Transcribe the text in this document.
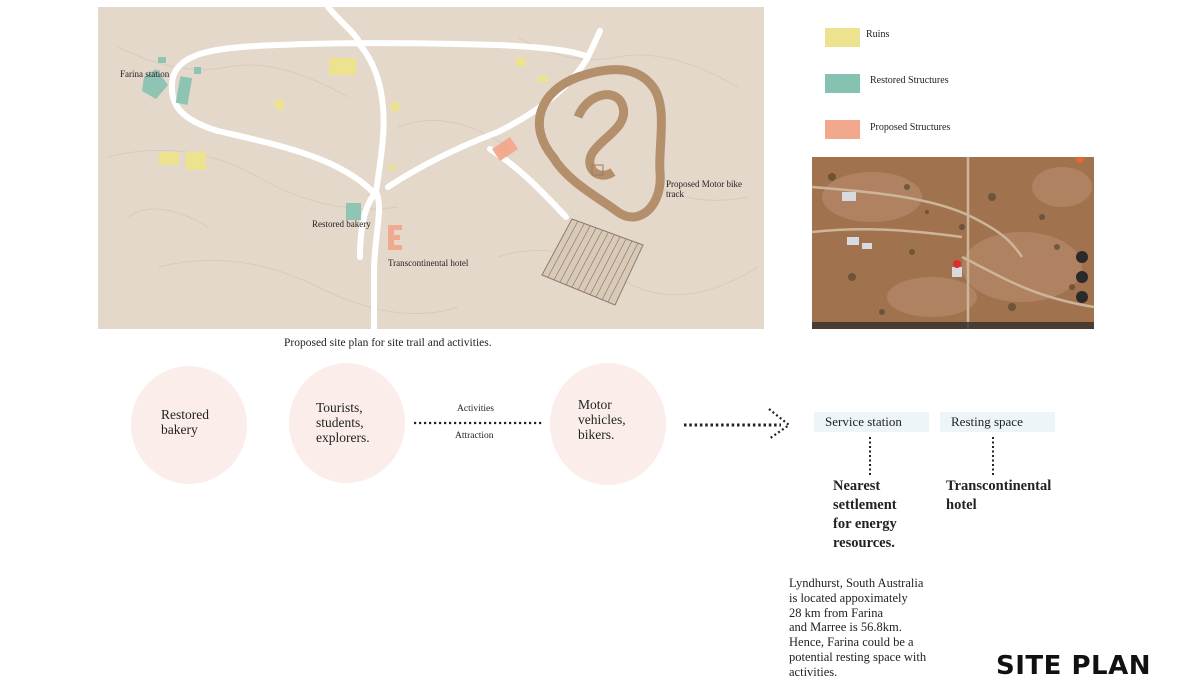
Farina station
Restored bakery
Transcontinental hotel
Proposed Motor bike
track
Proposed site plan for site trail and activities.
Ruins
Restored Structures
Proposed Structures
Restored
bakery
Tourists,
students,
explorers.
Activities
Attraction
Motor
vehicles,
bikers.
Service station	Resting space
Nearest
settlement
for energy
resources.
Transcontinental
hotel
Lyndhurst, South Australia
is located appoximately
28 km from Farina
and Marree is 56.8km.
Hence, Farina could be a
potential resting space with
activities.	SITE PLAN
